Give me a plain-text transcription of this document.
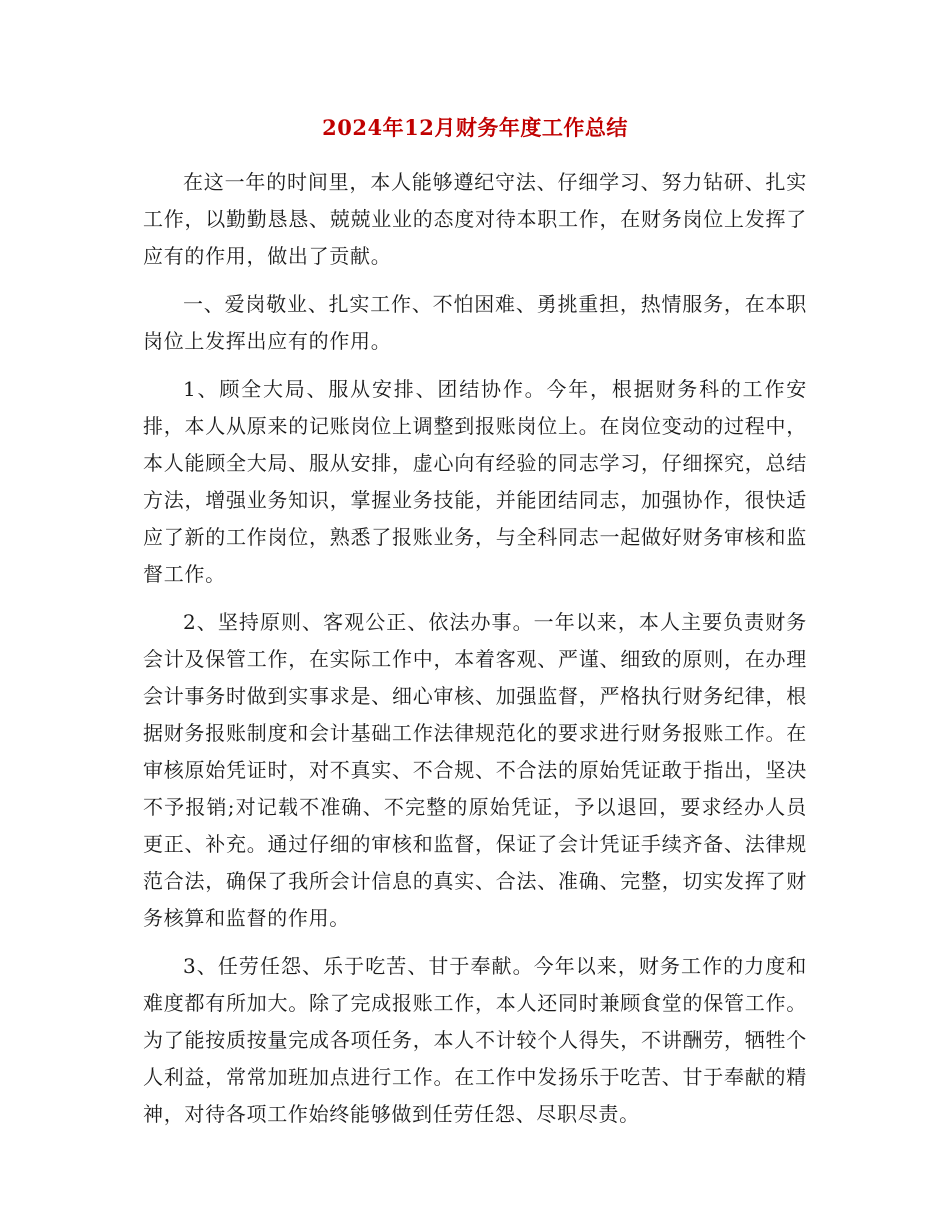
2024年12月财务年度工作总结

在这一年的时间里，本人能够遵纪守法、仔细学习、努力钻研、扎实工作，以勤勤恳恳、兢兢业业的态度对待本职工作，在财务岗位上发挥了应有的作用，做出了贡献。

一、爱岗敬业、扎实工作、不怕困难、勇挑重担，热情服务，在本职岗位上发挥出应有的作用。

1、顾全大局、服从安排、团结协作。今年，根据财务科的工作安排，本人从原来的记账岗位上调整到报账岗位上。在岗位变动的过程中，本人能顾全大局、服从安排，虚心向有经验的同志学习，仔细探究，总结方法，增强业务知识，掌握业务技能，并能团结同志，加强协作，很快适应了新的工作岗位，熟悉了报账业务，与全科同志一起做好财务审核和监督工作。

2、坚持原则、客观公正、依法办事。一年以来，本人主要负责财务会计及保管工作，在实际工作中，本着客观、严谨、细致的原则，在办理会计事务时做到实事求是、细心审核、加强监督，严格执行财务纪律，根据财务报账制度和会计基础工作法律规范化的要求进行财务报账工作。在审核原始凭证时，对不真实、不合规、不合法的原始凭证敢于指出，坚决不予报销;对记载不准确、不完整的原始凭证，予以退回，要求经办人员更正、补充。通过仔细的审核和监督，保证了会计凭证手续齐备、法律规范合法，确保了我所会计信息的真实、合法、准确、完整，切实发挥了财务核算和监督的作用。

3、任劳任怨、乐于吃苦、甘于奉献。今年以来，财务工作的力度和难度都有所加大。除了完成报账工作，本人还同时兼顾食堂的保管工作。为了能按质按量完成各项任务，本人不计较个人得失，不讲酬劳，牺牲个人利益，常常加班加点进行工作。在工作中发扬乐于吃苦、甘于奉献的精神，对待各项工作始终能够做到任劳任怨、尽职尽责。
